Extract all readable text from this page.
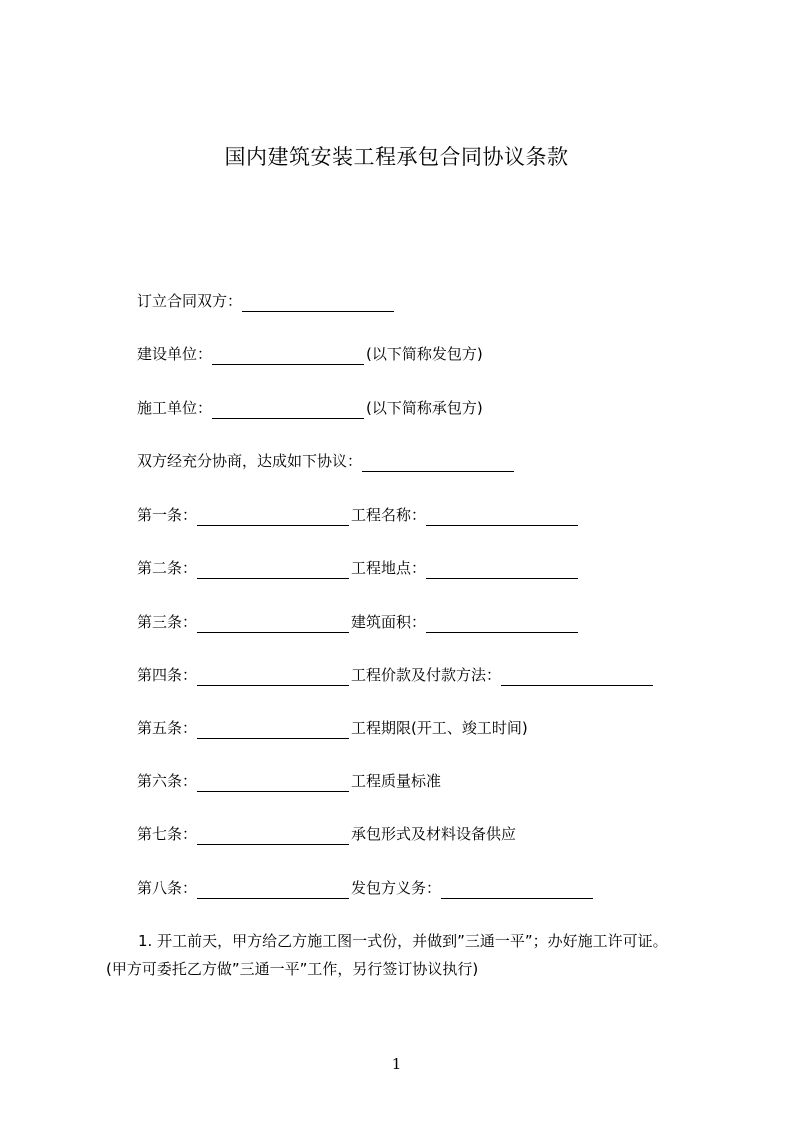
国内建筑安装工程承包合同协议条款
订立合同双方：
建设单位：	(以下简称发包方)
施工单位：	(以下简称承包方)
双方经充分协商，达成如下协议：
第一条：	工程名称：
第二条：	工程地点：
第三条：	建筑面积：
第四条：	工程价款及付款方法：
第五条：	工程期限(开工、竣工时间)
第六条：	工程质量标准
第七条：	承包形式及材料设备供应
第八条：	发包方义务：
1. 开工前天，甲方给乙方施工图一式份，并做到”三通一平”；办好施工许可证。
(甲方可委托乙方做”三通一平”工作，另行签订协议执行)
1
